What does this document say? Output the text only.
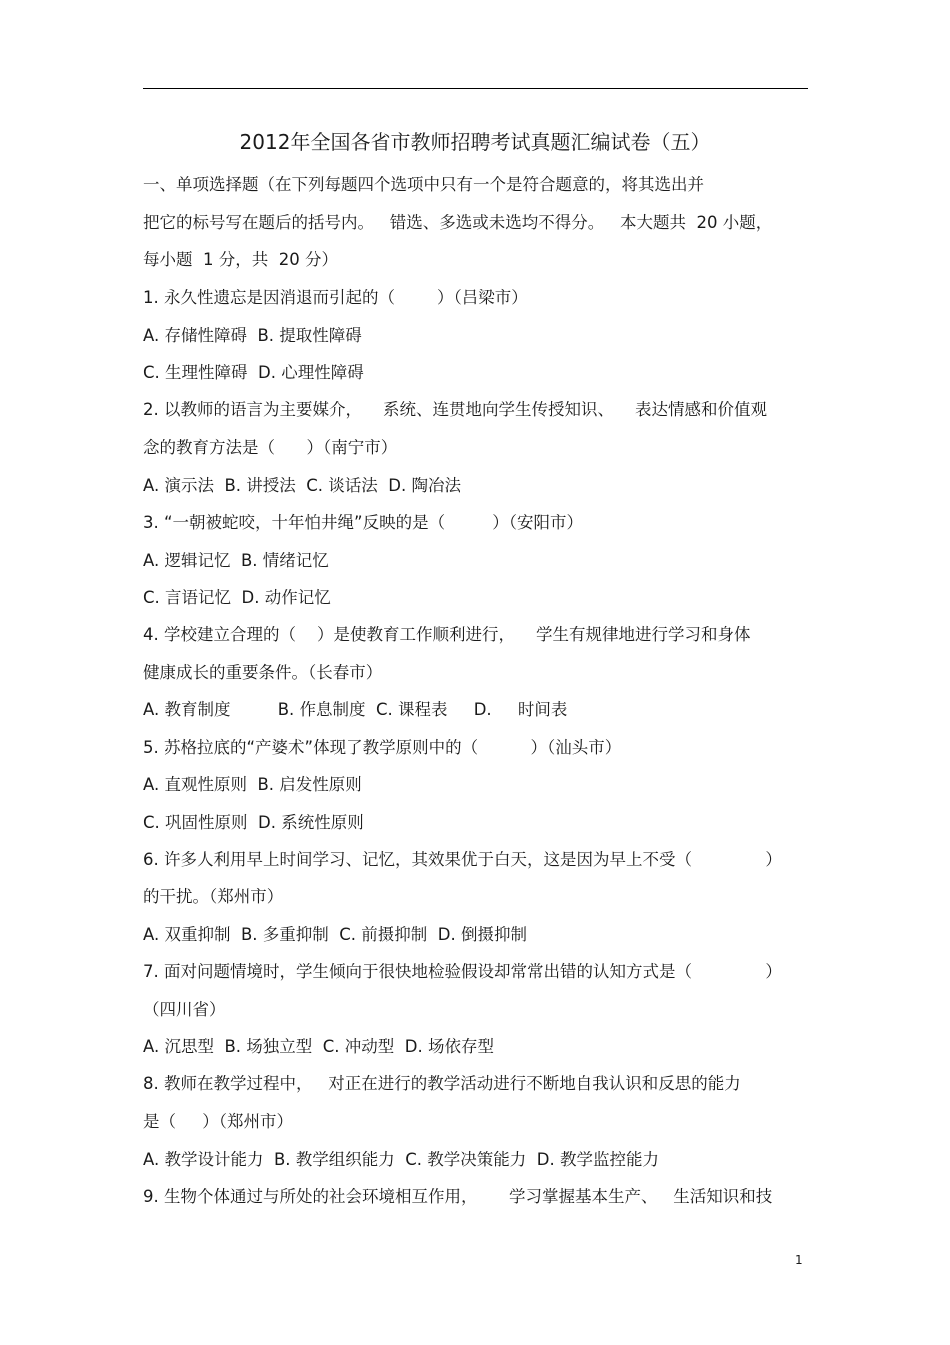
2012年全国各省市教师招聘考试真题汇编试卷（五）
一、单项选择题（在下列每题四个选项中只有一个是符合题意的，将其选出并
把它的标号写在题后的括号内。   错选、多选或未选均不得分。   本大题共  20 小题，
每小题  1 分，共  20 分）
1. 永久性遗忘是因消退而引起的（        ）（吕梁市）
A. 存储性障碍  B. 提取性障碍
C. 生理性障碍  D. 心理性障碍
2. 以教师的语言为主要媒介，    系统、连贯地向学生传授知识、    表达情感和价值观
念的教育方法是（      ）（南宁市）
A. 演示法  B. 讲授法  C. 谈话法  D. 陶冶法
3. “一朝被蛇咬，十年怕井绳”反映的是（         ）（安阳市）
A. 逻辑记忆  B. 情绪记忆
C. 言语记忆  D. 动作记忆
4. 学校建立合理的（    ）是使教育工作顺利进行，    学生有规律地进行学习和身体
健康成长的重要条件。（长春市）
A. 教育制度         B. 作息制度  C. 课程表     D.     时间表
5. 苏格拉底的“产婆术”体现了教学原则中的（          ）（汕头市）
A. 直观性原则  B. 启发性原则
C. 巩固性原则  D. 系统性原则
6. 许多人利用早上时间学习、记忆，其效果优于白天，这是因为早上不受（              ）
的干扰。（郑州市）
A. 双重抑制  B. 多重抑制  C. 前摄抑制  D. 倒摄抑制
7. 面对问题情境时，学生倾向于很快地检验假设却常常出错的认知方式是（              ）
（四川省）
A. 沉思型  B. 场独立型  C. 冲动型  D. 场依存型
8. 教师在教学过程中，   对正在进行的教学活动进行不断地自我认识和反思的能力
是（     ）（郑州市）
A. 教学设计能力  B. 教学组织能力  C. 教学决策能力  D. 教学监控能力
9. 生物个体通过与所处的社会环境相互作用，      学习掌握基本生产、   生活知识和技
1
